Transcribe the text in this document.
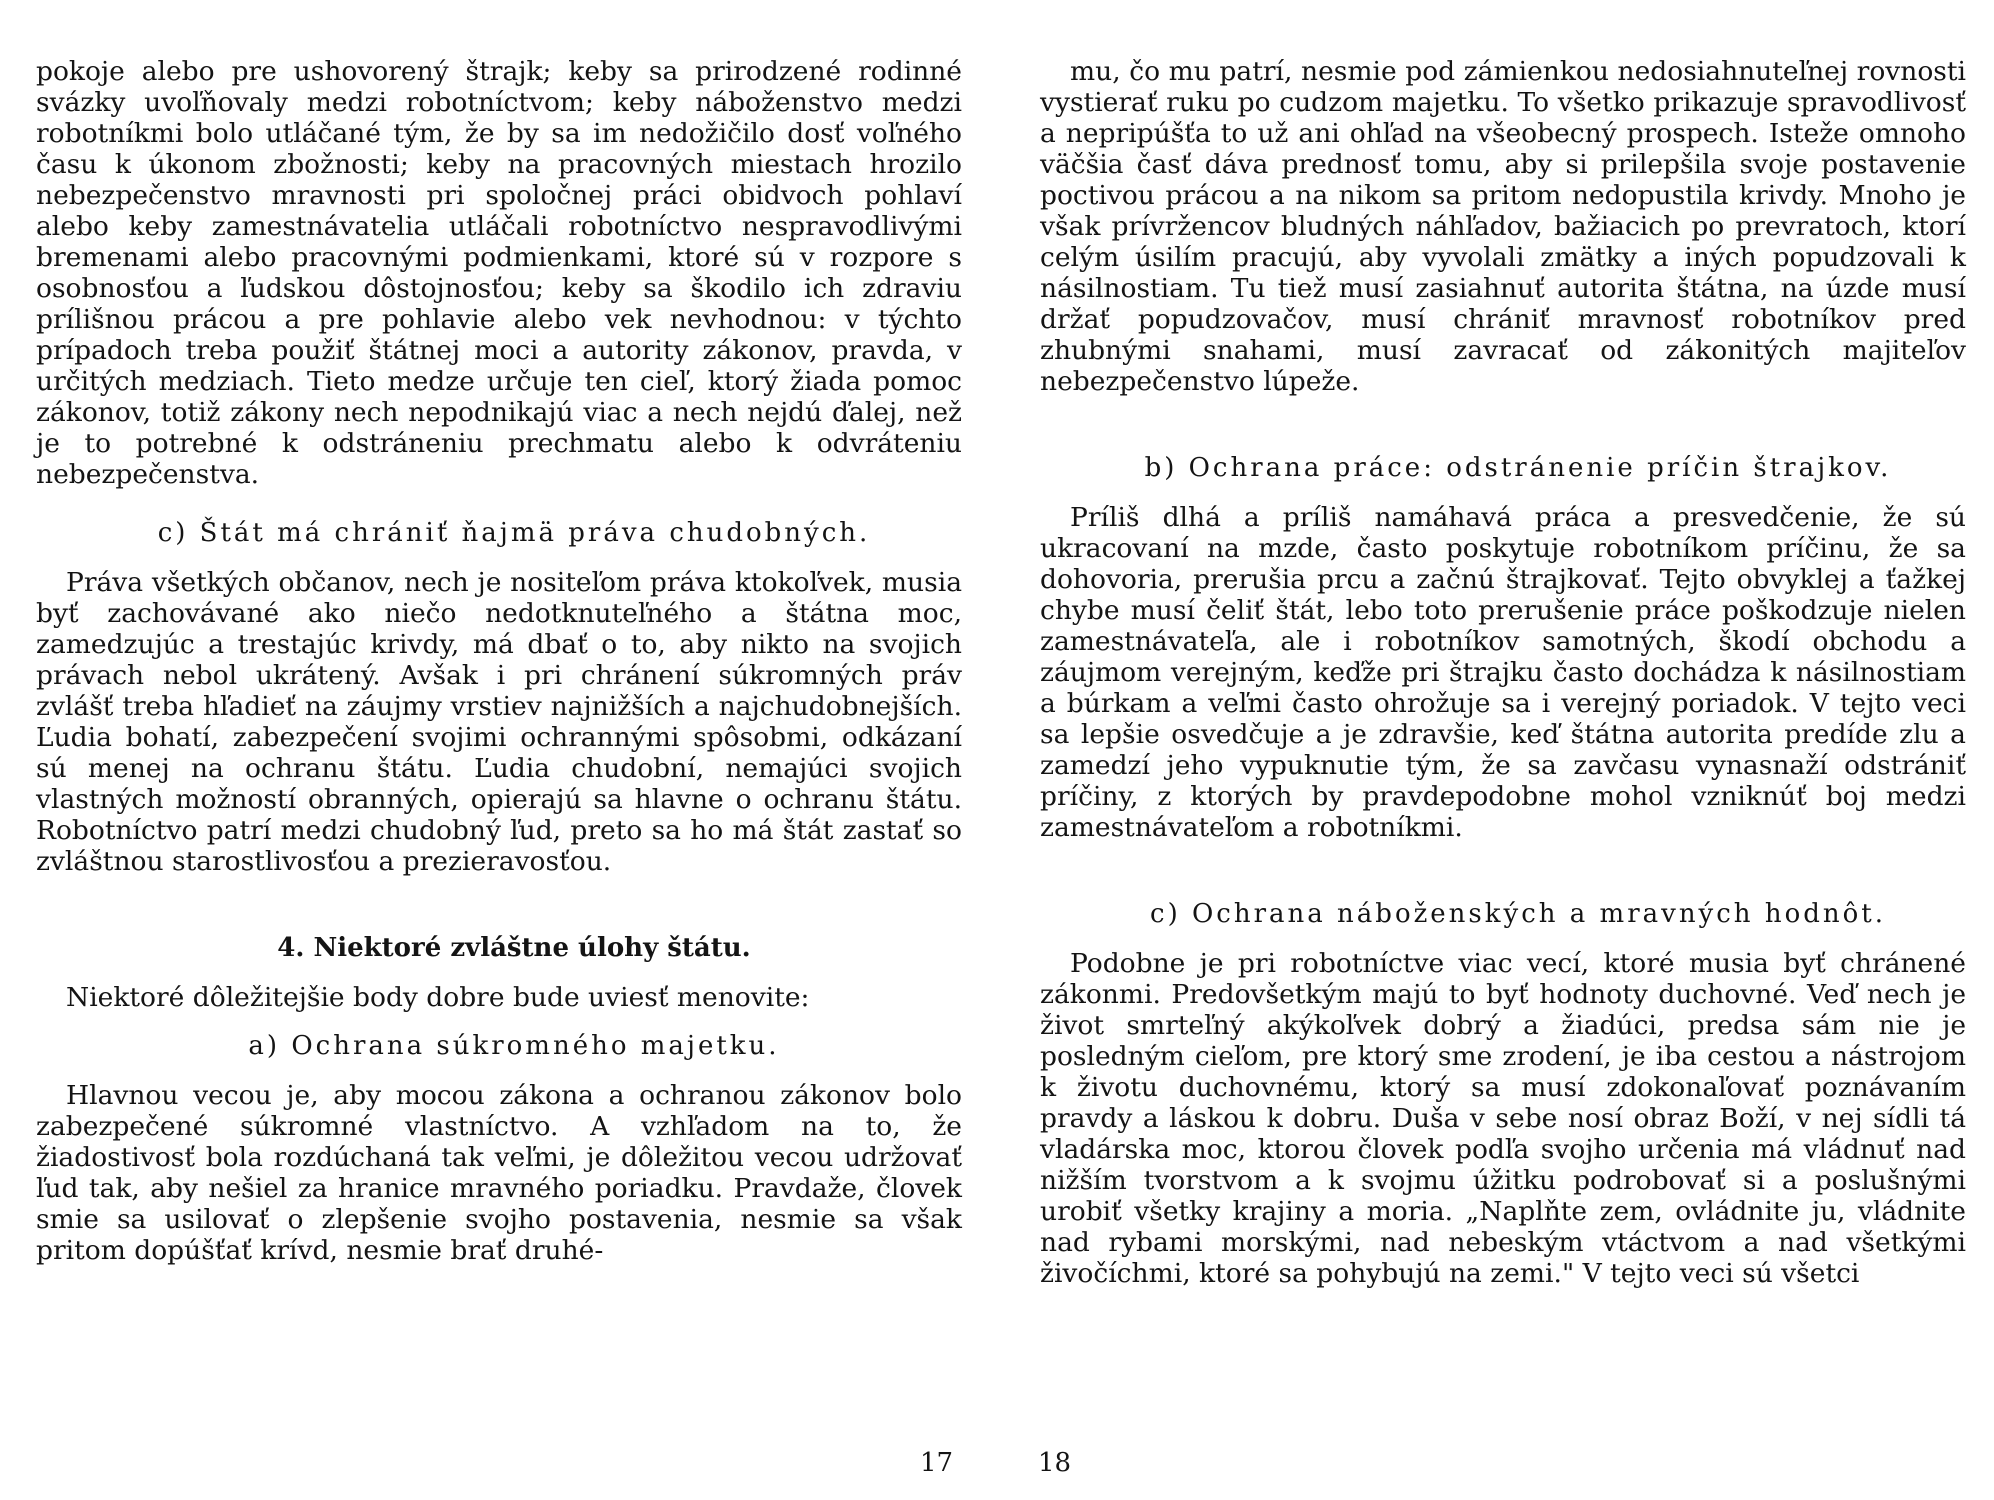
pokoje alebo pre ushovorený štrajk; keby sa prirodzené rodinné svázky uvoľňovaly medzi robotníctvom; keby náboženstvo medzi robotníkmi bolo utláčané tým, že by sa im nedožičilo dosť voľného času k úkonom zbožnosti; keby na pracovných miestach hrozilo nebezpečenstvo mravnosti pri spoločnej práci obidvoch pohlaví alebo keby zamestnávatelia utláčali robotníctvo nespravodlivými bremenami alebo pracovnými podmienkami, ktoré sú v rozpore s osobnosťou a ľudskou dôstojnosťou; keby sa škodilo ich zdraviu prílišnou prácou a pre pohlavie alebo vek nevhodnou: v týchto prípadoch treba použiť štátnej moci a autority zákonov, pravda, v určitých medziach. Tieto medze určuje ten cieľ, ktorý žiada pomoc zákonov, totiž zákony nech nepodnikajú viac a nech nejdú ďalej, než je to potrebné k odstráneniu prechmatu alebo k odvráteniu nebezpečenstva.

c) Štát má chrániť ňajmä práva chudobných.

Práva všetkých občanov, nech je nositeľom práva ktokoľvek, musia byť zachovávané ako niečo nedotknuteľného a štátna moc, zamedzujúc a trestajúc krivdy, má dbať o to, aby nikto na svojich právach nebol ukrátený. Avšak i pri chránení súkromných práv zvlášť treba hľadieť na záujmy vrstiev najnižších a najchudobnejších. Ľudia bohatí, zabezpečení svojimi ochrannými spôsobmi, odkázaní sú menej na ochranu štátu. Ľudia chudobní, nemajúci svojich vlastných možností obranných, opierajú sa hlavne o ochranu štátu. Robotníctvo patrí medzi chudobný ľud, preto sa ho má štát zastať so zvláštnou starostlivosťou a prezieravosťou.

4. Niektoré zvláštne úlohy štátu.

Niektoré dôležitejšie body dobre bude uviesť menovite:

a) Ochrana súkromného majetku.

Hlavnou vecou je, aby mocou zákona a ochranou zákonov bolo zabezpečené súkromné vlastníctvo. A vzhľadom na to, že žiadostivosť bola rozdúchaná tak veľmi, je dôležitou vecou udržovať ľud tak, aby nešiel za hranice mravného poriadku. Pravdaže, človek smie sa usilovať o zlepšenie svojho postavenia, nesmie sa však pritom dopúšťať krívd, nesmie brať druhé-

mu, čo mu patrí, nesmie pod zámienkou nedosiahnuteľnej rovnosti vystierať ruku po cudzom majetku. To všetko prikazuje spravodlivosť a nepripúšťa to už ani ohľad na všeobecný prospech. Isteže omnoho väčšia časť dáva prednosť tomu, aby si prilepšila svoje postavenie poctivou prácou a na nikom sa pritom nedopustila krivdy. Mnoho je však prívržencov bludných náhľadov, bažiacich po prevratoch, ktorí celým úsilím pracujú, aby vyvolali zmätky a iných popudzovali k násilnostiam. Tu tiež musí zasiahnuť autorita štátna, na úzde musí držať popudzovačov, musí chrániť mravnosť robotníkov pred zhubnými snahami, musí zavracať od zákonitých majiteľov nebezpečenstvo lúpeže.

b) Ochrana práce: odstránenie príčin štrajkov.

Príliš dlhá a príliš namáhavá práca a presvedčenie, že sú ukracovaní na mzde, často poskytuje robotníkom príčinu, že sa dohovoria, prerušia prcu a začnú štrajkovať. Tejto obvyklej a ťažkej chybe musí čeliť štát, lebo toto prerušenie práce poškodzuje nielen zamestnávateľa, ale i robotníkov samotných, škodí obchodu a záujmom verejným, keďže pri štrajku často dochádza k násilnostiam a búrkam a veľmi často ohrožuje sa i verejný poriadok. V tejto veci sa lepšie osvedčuje a je zdravšie, keď štátna autorita predíde zlu a zamedzí jeho vypuknutie tým, že sa zavčasu vynasnaží odstrániť príčiny, z ktorých by pravdepodobne mohol vzniknúť boj medzi zamestnávateľom a robotníkmi.

c) Ochrana náboženských a mravných hodnôt.

Podobne je pri robotníctve viac vecí, ktoré musia byť chránené zákonmi. Predovšetkým majú to byť hodnoty duchovné. Veď nech je život smrteľný akýkoľvek dobrý a žiadúci, predsa sám nie je posledným cieľom, pre ktorý sme zrodení, je iba cestou a nástrojom k životu duchovnému, ktorý sa musí zdokonaľovať poznávaním pravdy a láskou k dobru. Duša v sebe nosí obraz Boží, v nej sídli tá vladárska moc, ktorou človek podľa svojho určenia má vládnuť nad nižším tvorstvom a k svojmu úžitku podrobovať si a poslušnými urobiť všetky krajiny a moria. „Naplňte zem, ovládnite ju, vládnite nad rybami morskými, nad nebeským vtáctvom a nad všetkými živočíchmi, ktoré sa pohybujú na zemi." V tejto veci sú všetci

17	18
